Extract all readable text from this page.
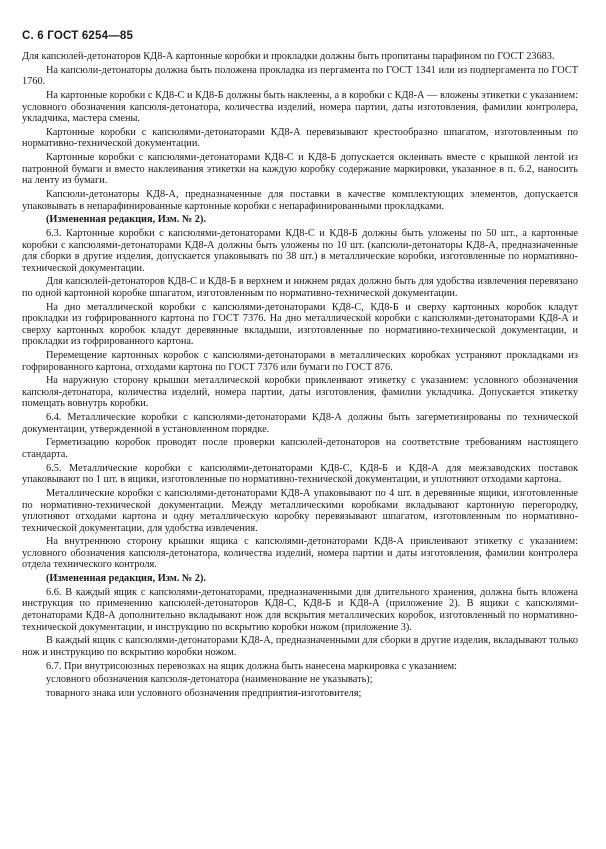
С. 6 ГОСТ 6254—85

Для капсюлей-детонаторов КД8-А картонные коробки и прокладки должны быть пропитаны парафином по ГОСТ 23683.

На капсюли-детонаторы должна быть положена прокладка из пергамента по ГОСТ 1341 или из подпергамента по ГОСТ 1760.

На картонные коробки с КД8-С и КД8-Б должны быть наклеены, а в коробки с КД8-А — вложены этикетки с указанием: условного обозначения капсюля-детонатора, количества изделий, номера партии, даты изготовления, фамилии контролера, укладчика, мастера смены.

Картонные коробки с капсюлями-детонаторами КД8-А перевязывают крестообразно шпагатом, изготовленным по нормативно-технической документации.

Картонные коробки с капсюлями-детонаторами КД8-С и КД8-Б допускается оклеивать вместе с крышкой лентой из патронной бумаги и вместо наклеивания этикетки на каждую коробку содержание маркировки, указанное в п. 6.2, наносить на ленту из бумаги.

Капсюли-детонаторы КД8-А, предназначенные для поставки в качестве комплектующих элементов, допускается упаковывать в непарафинированные картонные коробки с непарафинированными прокладками.

(Измененная редакция, Изм. № 2).

6.3. Картонные коробки с капсюлями-детонаторами КД8-С и КД8-Б должны быть уложены по 50 шт., а картонные коробки с капсюлями-детонаторами КД8-А должны быть уложены по 10 шт. (капсюли-детонаторы КД8-А, предназначенные для сборки в другие изделия, допускается упаковывать по 38 шт.) в металлические коробки, изготовленные по нормативно-технической документации.

Для капсюлей-детонаторов КД8-С и КД8-Б в верхнем и нижнем рядах должно быть для удобства извлечения перевязано по одной картонной коробке шпагатом, изготовленным по нормативно-технической документации.

На дно металлической коробки с капсюлями-детонаторами КД8-С, КД8-Б и сверху картонных коробок кладут прокладки из гофрированного картона по ГОСТ 7376. На дно металлической коробки с капсюлями-детонаторами КД8-А и сверху картонных коробок кладут деревянные вкладыши, изготовленные по нормативно-технической документации, и прокладки из гофрированного картона.

Перемещение картонных коробок с капсюлями-детонаторами в металлических коробках устраняют прокладками из гофрированного картона, отходами картона по ГОСТ 7376 или бумаги по ГОСТ 876.

На наружную сторону крышки металлической коробки приклеивают этикетку с указанием: условного обозначения капсюля-детонатора, количества изделий, номера партии, даты изготовления, фамилии укладчика. Допускается этикетку помещать вовнутрь коробки.

6.4. Металлические коробки с капсюлями-детонаторами КД8-А должны быть загерметизированы по технической документации, утвержденной в установленном порядке.

Герметизацию коробок проводят после проверки капсюлей-детонаторов на соответствие требованиям настоящего стандарта.

6.5. Металлические коробки с капсюлями-детонаторами КД8-С, КД8-Б и КД8-А для межзаводских поставок упаковывают по 1 шт. в ящики, изготовленные по нормативно-технической документации, и уплотняют отходами картона.

Металлические коробки с капсюлями-детонаторами КД8-А упаковывают по 4 шт. в деревянные ящики, изготовленные по нормативно-технической документации. Между металлическими коробками вкладывают картонную перегородку, уплотняют отходами картона и одну металлическую коробку перевязывают шпагатом, изготовленным по нормативно-технической документации, для удобства извлечения.

На внутреннюю сторону крышки ящика с капсюлями-детонаторами КД8-А приклеивают этикетку с указанием: условного обозначения капсюля-детонатора, количества изделий, номера партии и даты изготовления, фамилии контролера отдела технического контроля.

(Измененная редакция, Изм. № 2).

6.6. В каждый ящик с капсюлями-детонаторами, предназначенными для длительного хранения, должна быть вложена инструкция по применению капсюлей-детонаторов КД8-С, КД8-Б и КД8-А (приложение 2). В ящики с капсюлями-детонаторами КД8-А дополнительно вкладывают нож для вскрытия металлических коробок, изготовленный по нормативно-технической документации, и инструкцию по вскрытию коробки ножом (приложение 3).

В каждый ящик с капсюлями-детонаторами КД8-А, предназначенными для сборки в другие изделия, вкладывают только нож и инструкцию по вскрытию коробки ножом.

6.7. При внутрисоюзных перевозках на ящик должна быть нанесена маркировка с указанием:

условного обозначения капсюля-детонатора (наименование не указывать);

товарного знака или условного обозначения предприятия-изготовителя;
